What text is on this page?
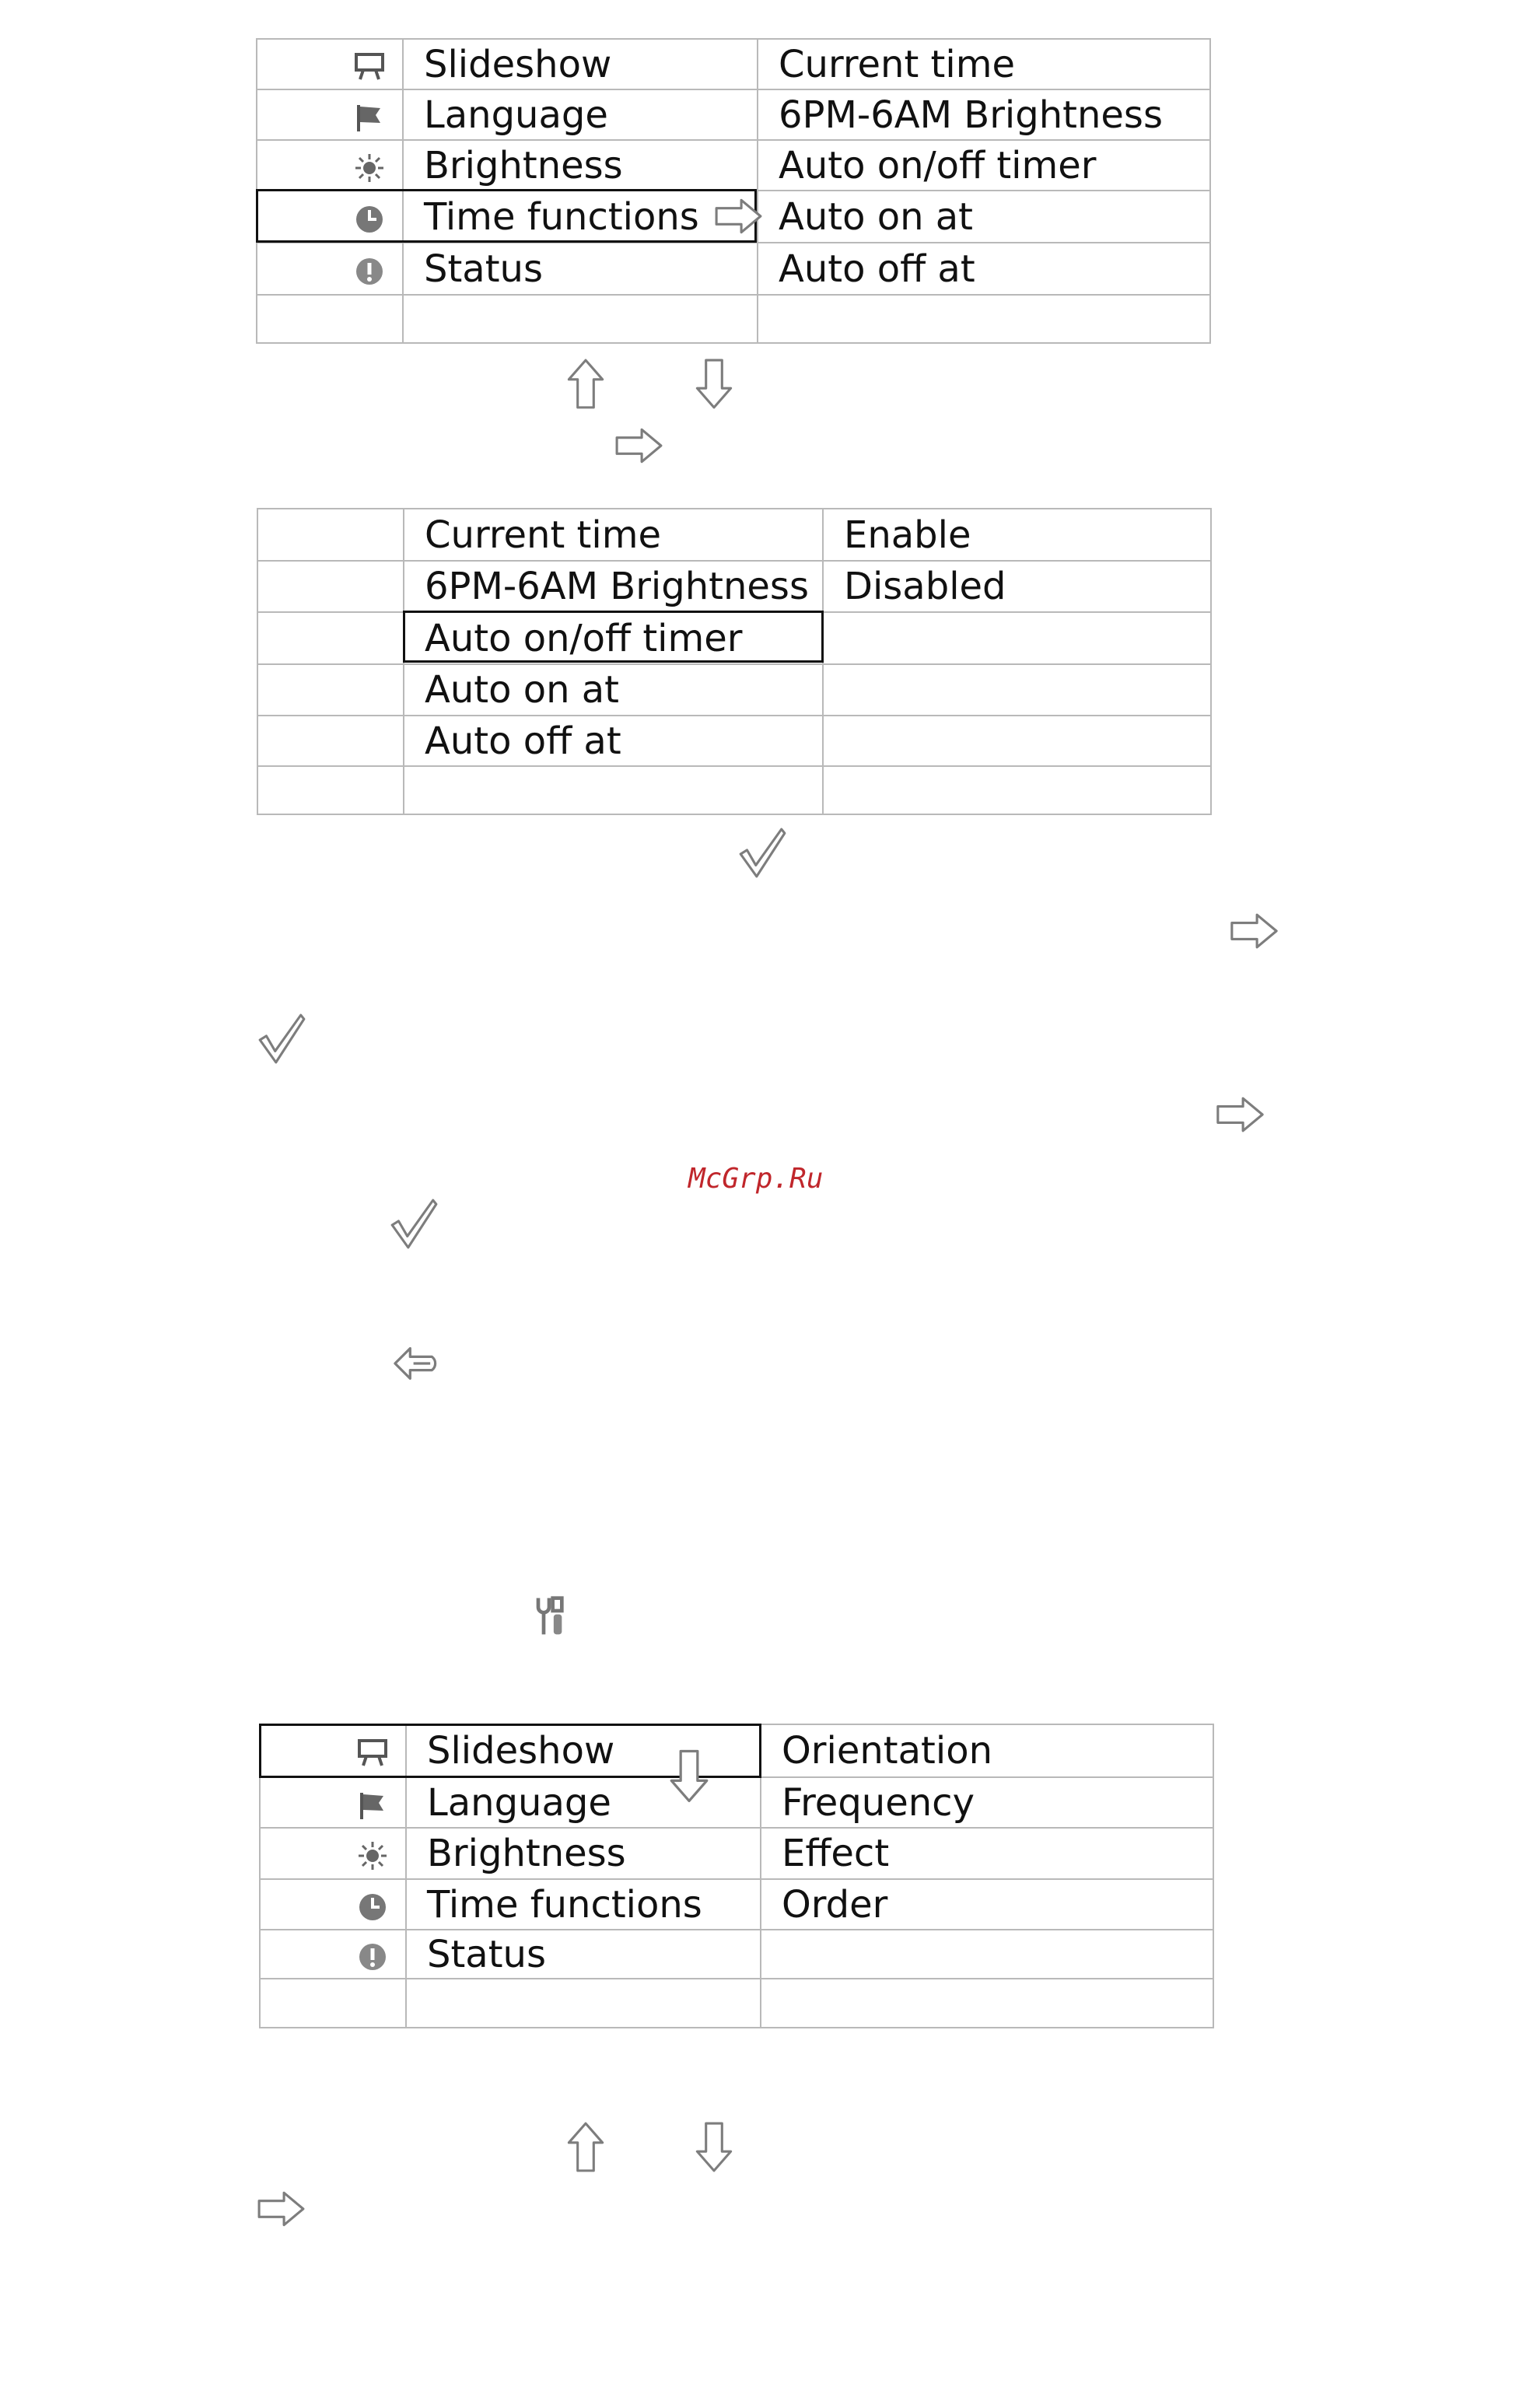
	Slideshow	Current time
	Language	6PM-6AM Brightness
	Brightness	Auto on/off timer
	Time functions	Auto on at
	Status	Auto off at

	Current time	Enable
	6PM-6AM Brightness	Disabled
	Auto on/off timer	
	Auto on at	
	Auto off at	

McGrp.Ru
	Slideshow	Orientation
	Language	Frequency
	Brightness	Effect
	Time functions	Order
	Status	
